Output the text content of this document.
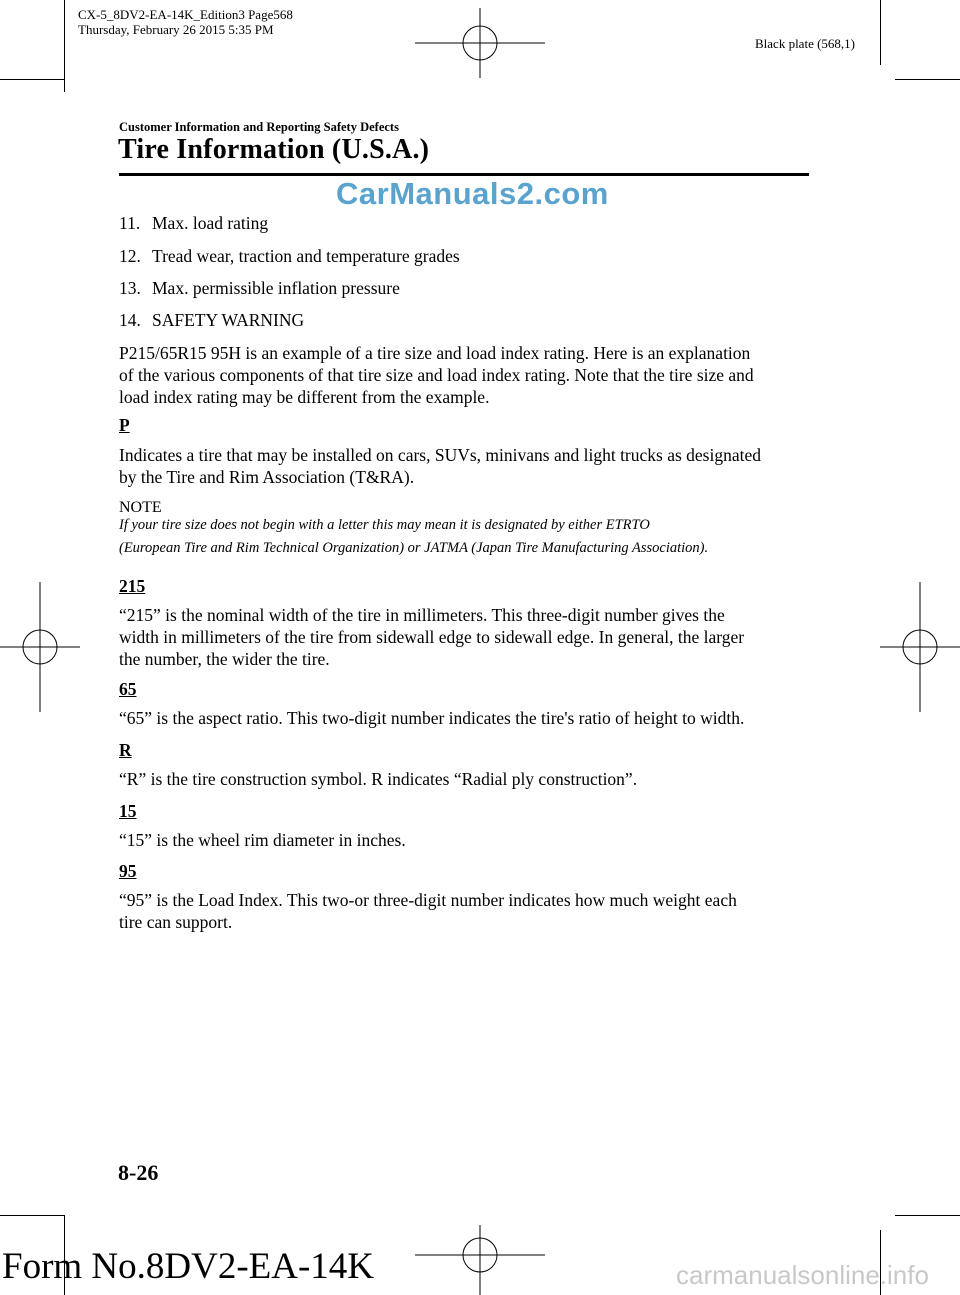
CX-5_8DV2-EA-14K_Edition3 Page568
Thursday, February 26 2015 5:35 PM
Black plate (568,1)
Customer Information and Reporting Safety Defects
Tire Information (U.S.A.)
CarManuals2.com
11. Max. load rating
12. Tread wear, traction and temperature grades
13. Max. permissible inflation pressure
14. SAFETY WARNING
P215/65R15 95H is an example of a tire size and load index rating. Here is an explanation
of the various components of that tire size and load index rating. Note that the tire size and
load index rating may be different from the example.
P
Indicates a tire that may be installed on cars, SUVs, minivans and light trucks as designated
by the Tire and Rim Association (T&RA).
NOTE
If your tire size does not begin with a letter this may mean it is designated by either ETRTO
(European Tire and Rim Technical Organization) or JATMA (Japan Tire Manufacturing Association).
215
“215” is the nominal width of the tire in millimeters. This three-digit number gives the
width in millimeters of the tire from sidewall edge to sidewall edge. In general, the larger
the number, the wider the tire.
65
“65” is the aspect ratio. This two-digit number indicates the tire's ratio of height to width.
R
“R” is the tire construction symbol. R indicates “Radial ply construction”.
15
“15” is the wheel rim diameter in inches.
95
“95” is the Load Index. This two-or three-digit number indicates how much weight each
tire can support.
8-26
Form No.8DV2-EA-14K	carmanualsonline.info
